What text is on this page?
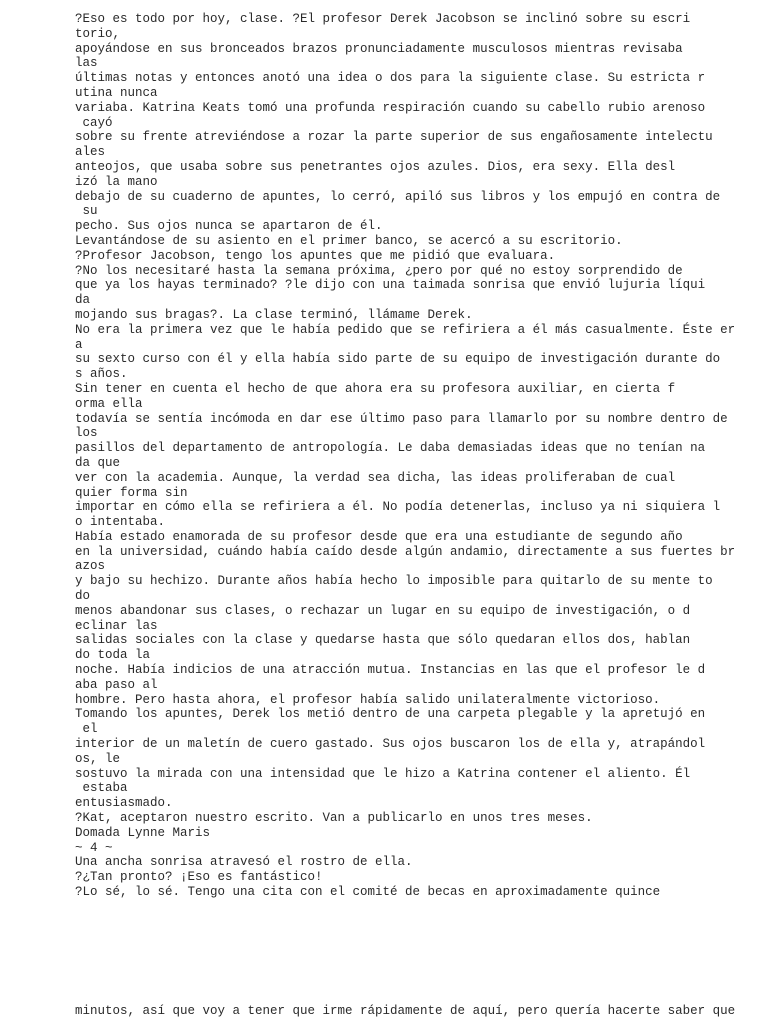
?Eso es todo por hoy, clase. ?El profesor Derek Jacobson se inclinó sobre su escri
torio,
apoyándose en sus bronceados brazos pronunciadamente musculosos mientras revisaba
las
últimas notas y entonces anotó una idea o dos para la siguiente clase. Su estricta r
utina nunca
variaba. Katrina Keats tomó una profunda respiración cuando su cabello rubio arenoso
cayó
sobre su frente atreviéndose a rozar la parte superior de sus engañosamente intelectu
ales
anteojos, que usaba sobre sus penetrantes ojos azules. Dios, era sexy. Ella desl
izó la mano
debajo de su cuaderno de apuntes, lo cerró, apiló sus libros y los empujó en contra de
su
pecho. Sus ojos nunca se apartaron de él.
Levantándose de su asiento en el primer banco, se acercó a su escritorio.
?Profesor Jacobson, tengo los apuntes que me pidió que evaluara.
?No los necesitaré hasta la semana próxima, ¿pero por qué no estoy sorprendido de
que ya los hayas terminado? ?le dijo con una taimada sonrisa que envió lujuria líqui
da
mojando sus bragas?. La clase terminó, llámame Derek.
No era la primera vez que le había pedido que se refiriera a él más casualmente. Éste er
a
su sexto curso con él y ella había sido parte de su equipo de investigación durante do
s años.
Sin tener en cuenta el hecho de que ahora era su profesora auxiliar, en cierta f
orma ella
todavía se sentía incómoda en dar ese último paso para llamarlo por su nombre dentro de
los
pasillos del departamento de antropología. Le daba demasiadas ideas que no tenían na
da que
ver con la academia. Aunque, la verdad sea dicha, las ideas proliferaban de cual
quier forma sin
importar en cómo ella se refiriera a él. No podía detenerlas, incluso ya ni siquiera l
o intentaba.
Había estado enamorada de su profesor desde que era una estudiante de segundo año
en la universidad, cuándo había caído desde algún andamio, directamente a sus fuertes br
azos
y bajo su hechizo. Durante años había hecho lo imposible para quitarlo de su mente to
do
menos abandonar sus clases, o rechazar un lugar en su equipo de investigación, o d
eclinar las
salidas sociales con la clase y quedarse hasta que sólo quedaran ellos dos, hablan
do toda la
noche. Había indicios de una atracción mutua. Instancias en las que el profesor le d
aba paso al
hombre. Pero hasta ahora, el profesor había salido unilateralmente victorioso.
Tomando los apuntes, Derek los metió dentro de una carpeta plegable y la apretujó en
el
interior de un maletín de cuero gastado. Sus ojos buscaron los de ella y, atrapándol
os, le
sostuvo la mirada con una intensidad que le hizo a Katrina contener el aliento. Él
estaba
entusiasmado.
?Kat, aceptaron nuestro escrito. Van a publicarlo en unos tres meses.
Domada Lynne Maris
~ 4 ~
Una ancha sonrisa atravesó el rostro de ella.
?¿Tan pronto? ¡Eso es fantástico!
?Lo sé, lo sé. Tengo una cita con el comité de becas en aproximadamente quince
minutos, así que voy a tener que irme rápidamente de aquí, pero quería hacerte saber que
